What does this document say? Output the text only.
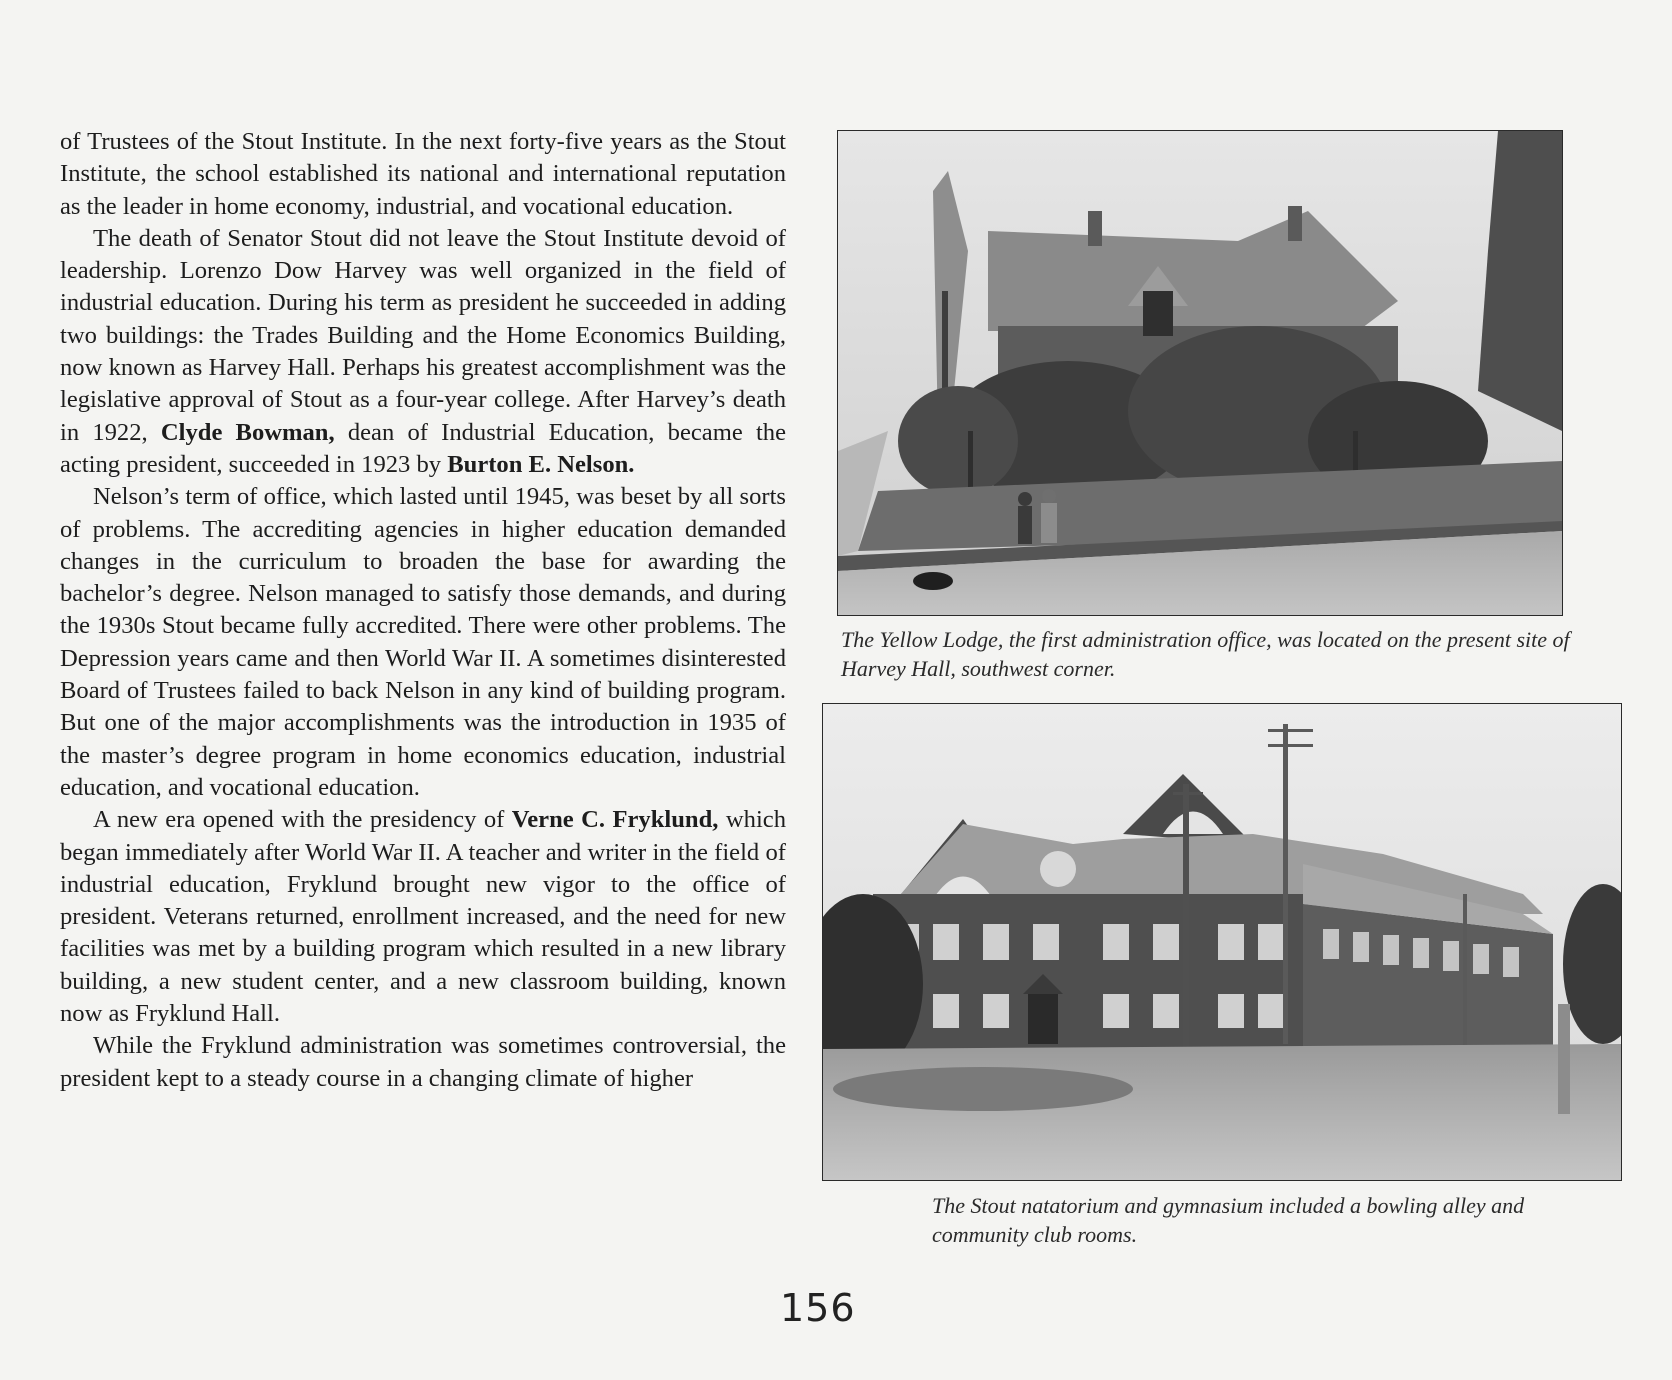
of Trustees of the Stout Institute. In the next forty-five years as the Stout Institute, the school established its national and international reputation as the leader in home economy, industrial, and vocational education.

The death of Senator Stout did not leave the Stout Institute devoid of leadership. Lorenzo Dow Harvey was well organized in the field of industrial education. During his term as president he succeeded in adding two buildings: the Trades Building and the Home Economics Building, now known as Harvey Hall. Perhaps his greatest accomplishment was the legislative approval of Stout as a four-year college. After Harvey’s death in 1922, Clyde Bowman, dean of Industrial Education, became the acting president, succeeded in 1923 by Burton E. Nelson.

Nelson’s term of office, which lasted until 1945, was beset by all sorts of problems. The accrediting agencies in higher education demanded changes in the curriculum to broaden the base for awarding the bachelor’s degree. Nelson managed to satisfy those demands, and during the 1930s Stout became fully accredited. There were other problems. The Depression years came and then World War II. A sometimes disinterested Board of Trustees failed to back Nelson in any kind of building program. But one of the major accomplishments was the introduction in 1935 of the master’s degree program in home economics education, industrial education, and vocational education.

A new era opened with the presidency of Verne C. Fryklund, which began immediately after World War II. A teacher and writer in the field of industrial education, Fryklund brought new vigor to the office of president. Veterans returned, enrollment increased, and the need for new facilities was met by a building program which resulted in a new library building, a new student center, and a new classroom building, known now as Fryklund Hall.

While the Fryklund administration was sometimes controversial, the president kept to a steady course in a changing climate of higher

The Yellow Lodge, the first administration office, was located on the present site of Harvey Hall, southwest corner.
The Stout natatorium and gymnasium included a bowling alley and community club rooms.
156
